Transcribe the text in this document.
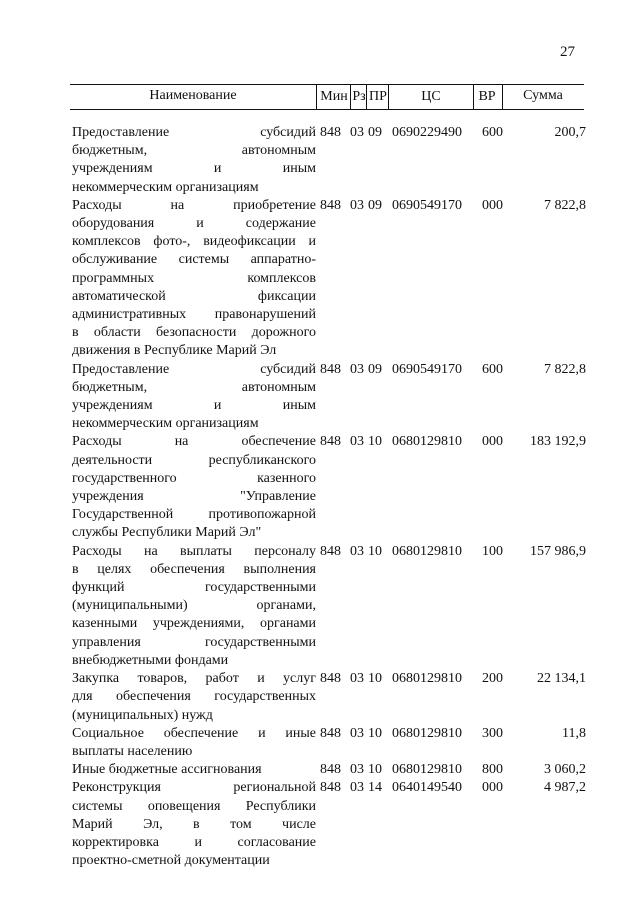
27
Наименование	Мин Рз ПР	ЦС	ВР	Сумма
Предоставление субсидий
бюджетным, автономным
учреждениям и иным
некоммерческим организациям
848 03 09 0690229490	600	200,7
Расходы на приобретение
оборудования и содержание
комплексов фото-, видеофиксации и
обслуживание системы аппаратно-
программных комплексов
автоматической фиксации
административных правонарушений
в области безопасности дорожного
движения в Республике Марий Эл
848 03 09 0690549170	000	7 822,8
Предоставление субсидий
бюджетным, автономным
учреждениям и иным
некоммерческим организациям
848 03 09 0690549170	600	7 822,8
Расходы на обеспечение
деятельности республиканского
государственного казенного
учреждения "Управление
Государственной противопожарной
службы Республики Марий Эл"
848 03 10 0680129810	000	183 192,9
Расходы на выплаты персоналу
в целях обеспечения выполнения
функций государственными
(муниципальными) органами,
казенными учреждениями, органами
управления государственными
внебюджетными фондами
848 03 10 0680129810	100	157 986,9
Закупка товаров, работ и услуг
для обеспечения государственных
(муниципальных) нужд
848 03 10 0680129810	200	22 134,1
Социальное обеспечение и иные
выплаты населению
848 03 10 0680129810	300	11,8
Иные бюджетные ассигнования	848 03 10 0680129810	800	3 060,2
Реконструкция региональной
системы оповещения Республики
Марий Эл, в том числе
корректировка и согласование
проектно-сметной документации
848 03 14 0640149540	000	4 987,2
